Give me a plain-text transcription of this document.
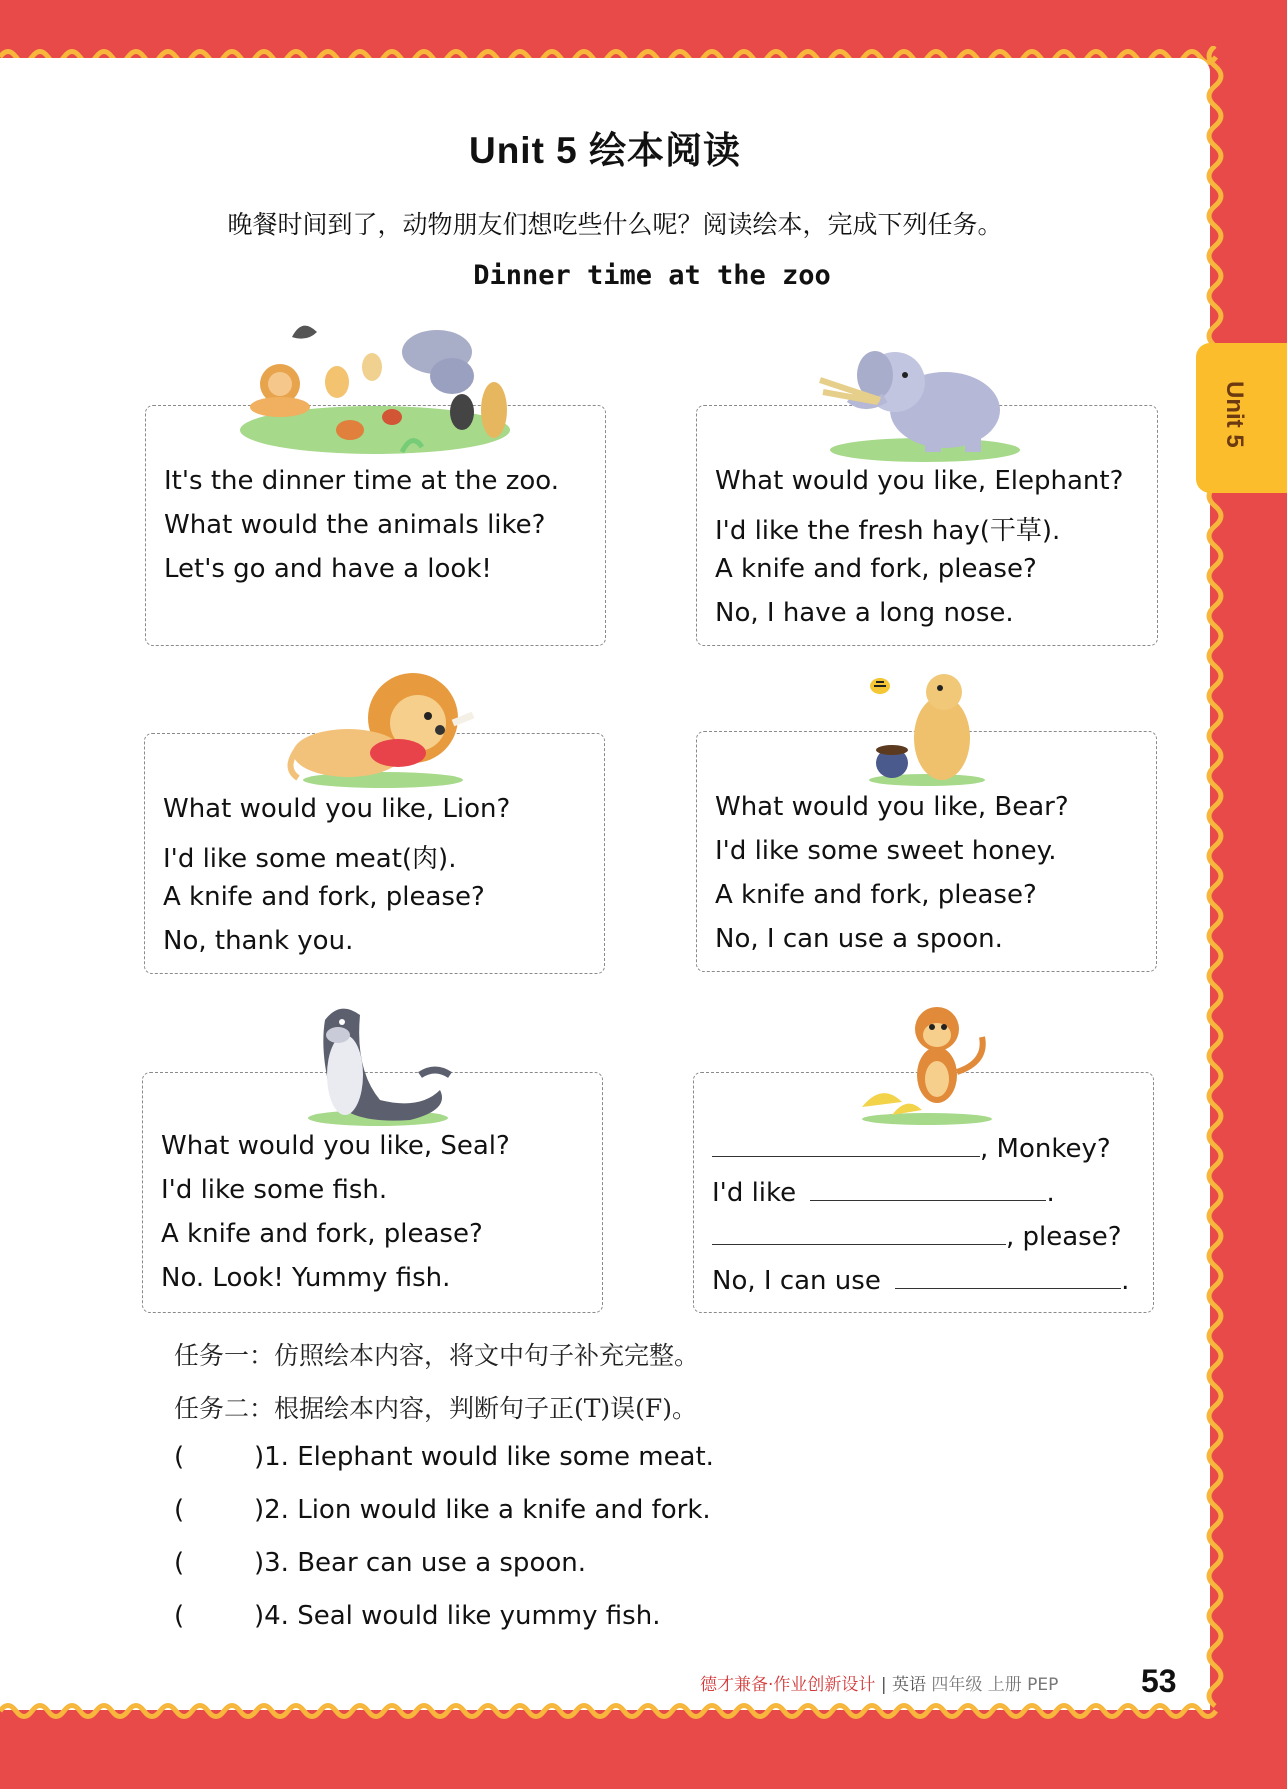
Unit 5
Unit 5 绘本阅读
晚餐时间到了，动物朋友们想吃些什么呢？阅读绘本，完成下列任务。
Dinner time at the zoo
It's the dinner time at the zoo.
What would the animals like?
Let's go and have a look!
What would you like, Elephant?
I'd like the fresh hay(干草).
A knife and fork, please?
No, I have a long nose.
What would you like, Lion?
I'd like some meat(肉).
A knife and fork, please?
No, thank you.
What would you like, Bear?
I'd like some sweet honey.
A knife and fork, please?
No, I can use a spoon.
What would you like, Seal?
I'd like some fish.
A knife and fork, please?
No. Look! Yummy fish.
, Monkey?
I'd like	.
, please?
No, I can use	.
任务一：仿照绘本内容，将文中句子补充完整。
任务二：根据绘本内容，判断句子正(T)误(F)。
(	)1. Elephant would like some meat.
(	)2. Lion would like a knife and fork.
(	)3. Bear can use a spoon.
(	)4. Seal would like yummy fish.
德才兼备·作业创新设计 | 英语 四年级 上册 PEP	53
